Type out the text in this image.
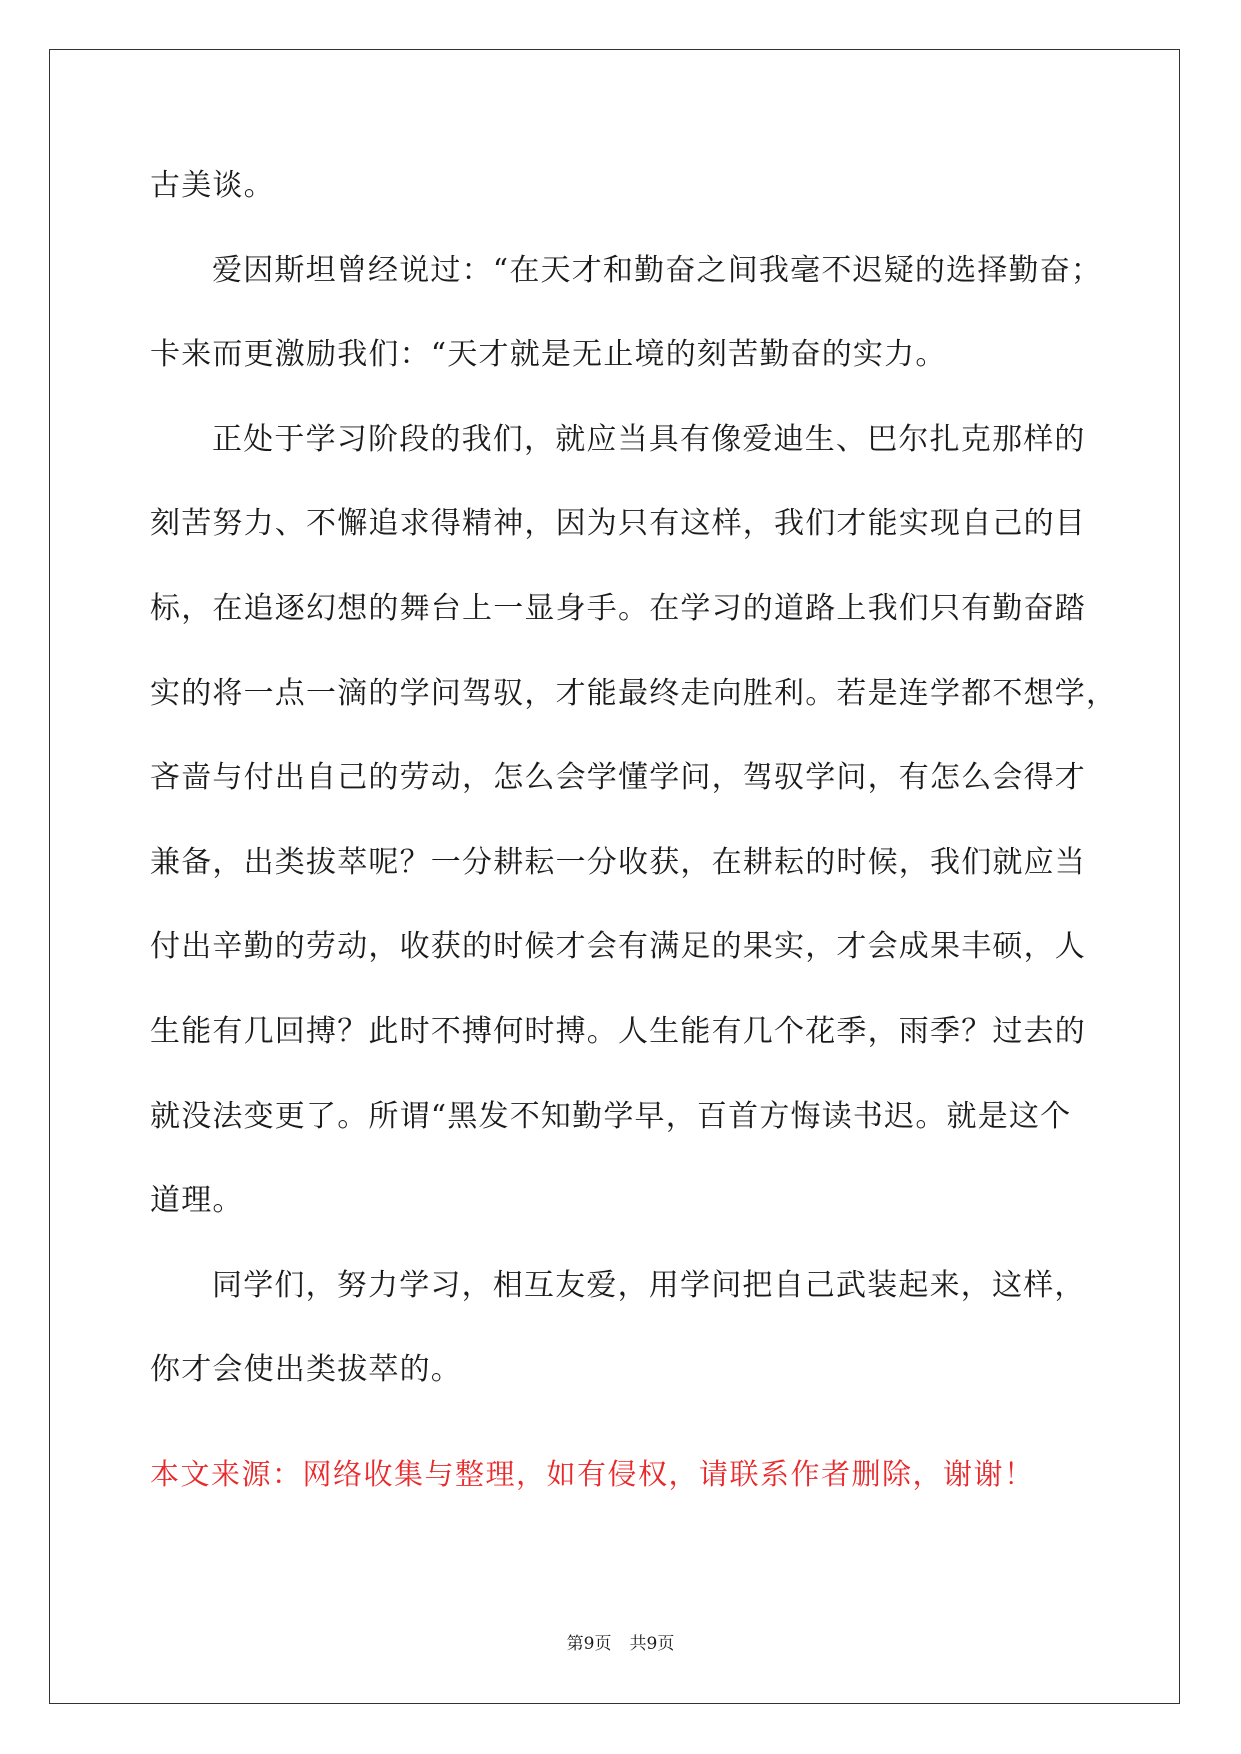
古美谈。
爱因斯坦曾经说过：“在天才和勤奋之间我毫不迟疑的选择勤奋；
卡来而更激励我们：“天才就是无止境的刻苦勤奋的实力。
正处于学习阶段的我们，就应当具有像爱迪生、巴尔扎克那样的
刻苦努力、不懈追求得精神，因为只有这样，我们才能实现自己的目
标，在追逐幻想的舞台上一显身手。在学习的道路上我们只有勤奋踏
实的将一点一滴的学问驾驭，才能最终走向胜利。若是连学都不想学，
吝啬与付出自己的劳动，怎么会学懂学问，驾驭学问，有怎么会得才
兼备，出类拔萃呢？一分耕耘一分收获，在耕耘的时候，我们就应当
付出辛勤的劳动，收获的时候才会有满足的果实，才会成果丰硕，人
生能有几回搏？此时不搏何时搏。人生能有几个花季，雨季？过去的
就没法变更了。所谓“黑发不知勤学早，百首方悔读书迟。就是这个
道理。
同学们，努力学习，相互友爱，用学问把自己武装起来，这样，
你才会使出类拔萃的。
本文来源：网络收集与整理，如有侵权，请联系作者删除，谢谢！
第9页 共9页
